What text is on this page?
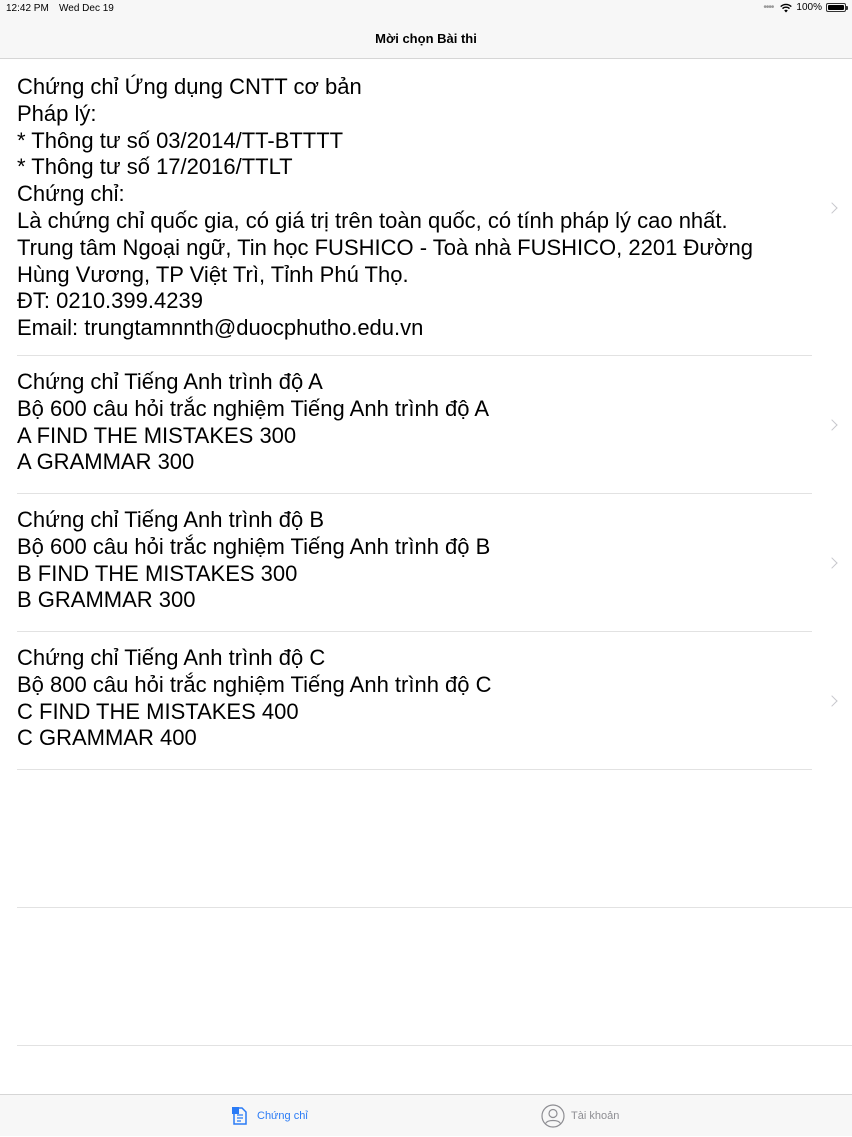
12:42 PM Wed Dec 19	•••• 100%
Mời chọn Bài thi
Chứng chỉ Ứng dụng CNTT cơ bản
Pháp lý:
* Thông tư số 03/2014/TT-BTTTT
* Thông tư số 17/2016/TTLT
Chứng chỉ:
Là chứng chỉ quốc gia, có giá trị trên toàn quốc, có tính pháp lý cao nhất.
Trung tâm Ngoại ngữ, Tin học FUSHICO - Toà nhà FUSHICO, 2201 Đường
Hùng Vương, TP Việt Trì, Tỉnh Phú Thọ.
ĐT: 0210.399.4239
Email: trungtamnnth@duocphutho.edu.vn
Chứng chỉ Tiếng Anh trình độ A
Bộ 600 câu hỏi trắc nghiệm Tiếng Anh trình độ A
A FIND THE MISTAKES 300
A GRAMMAR 300
Chứng chỉ Tiếng Anh trình độ B
Bộ 600 câu hỏi trắc nghiệm Tiếng Anh trình độ B
B FIND THE MISTAKES 300
B GRAMMAR 300
Chứng chỉ Tiếng Anh trình độ C
Bộ 800 câu hỏi trắc nghiệm Tiếng Anh trình độ C
C FIND THE MISTAKES 400
C GRAMMAR 400
Chứng chỉ	Tài khoản
